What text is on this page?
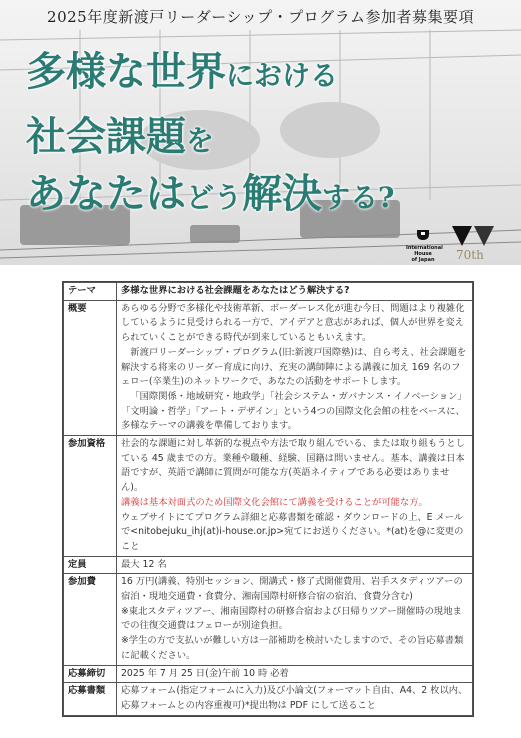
2025年度新渡戸リーダーシップ・プログラム参加者募集要項
多様な世界における
社会課題を
あなたはどう解決する?
International
House
of Japan	70th
テーマ	多様な世界における社会課題をあなたはどう解決する?
概要	あらゆる分野で多様化や技術革新、ボーダーレス化が進む今日、問題はより複雑化しているように見受けられる一方で、アイデアと意志があれば、個人が世界を変えられていくことができる時代が到来しているともいえます。
新渡戸リーダーシップ・プログラム(旧:新渡戸国際塾)は、自ら考え、社会課題を解決する将来のリーダー育成に向け、充実の講師陣による講義に加え 169 名のフェロー(卒業生)のネットワークで、あなたの活動をサポートします。
「国際関係・地域研究・地政学」「社会システム・ガバナンス・イノベーション」「文明論・哲学」「アート・デザイン」という4つの国際文化会館の柱をベースに、多様なテーマの講義を準備しております。

参加資格	社会的な課題に対し革新的な視点や方法で取り組んでいる、または取り組もうとしている 45 歳までの方。業種や職種、経験、国籍は問いません。基本、講義は日本語ですが、英語で講師に質問が可能な方(英語ネイティブである必要はありません)。
講義は基本対面式のため国際文化会館にて講義を受けることが可能な方。
ウェブサイトにてプログラム詳細と応募書類を確認・ダウンロードの上、E メールで<nitobejuku_ihj(at)i-house.or.jp>宛てにお送りください。*(at)を@に変更のこと

定員	最大 12 名
参加費	16 万円(講義、特別セッション、開講式・修了式開催費用、岩手スタディツアーの宿泊・現地交通費・食費分、湘南国際村研修合宿の宿泊、食費分含む)
※東北スタディツアー、湘南国際村の研修合宿および日帰りツアー開催時の現地までの往復交通費はフェローが別途負担。
※学生の方で支払いが難しい方は一部補助を検討いたしますので、その旨応募書類に記載ください。

応募締切	2025 年 7 月 25 日(金)午前 10 時 必着
応募書類	応募フォーム(指定フォームに入力)及び小論文(フォーマット自由、A4、2 枚以内、応募フォームとの内容重複可)*提出物は PDF にして送ること
